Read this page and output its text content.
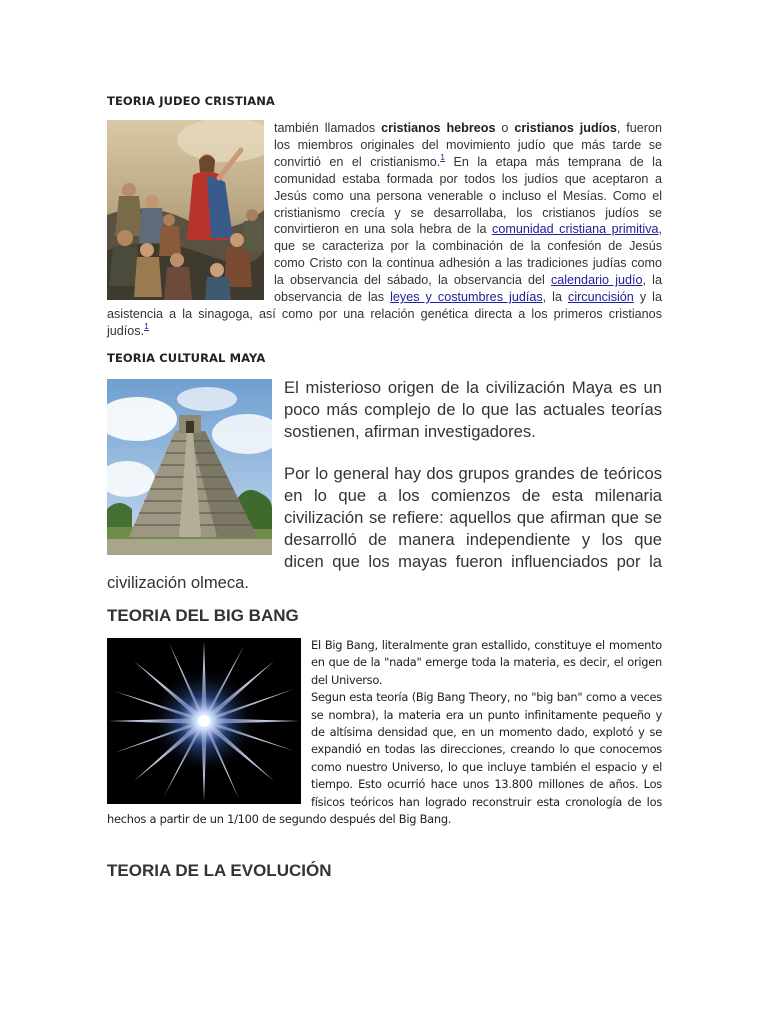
TEORIA JUDEO CRISTIANA
también llamados cristianos hebreos o cristianos judíos, fueron los miembros originales del movimiento judío que más tarde se convirtió en el cristianismo.$^1$ En la etapa más temprana de la comunidad estaba formada por todos los judíos que aceptaron a Jesús como una persona venerable o incluso el Mesías. Como el cristianismo crecía y se desarrollaba, los cristianos judíos se convirtieron en una sola hebra de la comunidad cristiana primitiva, que se caracteriza por la combinación de la confesión de Jesús como Cristo con la continua adhesión a las tradiciones judías como la observancia del sábado, la observancia del calendario judío, la observancia de las leyes y costumbres judías, la circuncisión y la asistencia a la sinagoga, así como por una relación genética directa a los primeros cristianos judíos.$^1$
TEORIA CULTURAL MAYA

El misterioso origen de la civilización Maya es un poco más complejo de lo que las actuales teorías sostienen, afirman investigadores.

Por lo general hay dos grupos grandes de teóricos en lo que a los comienzos de esta milenaria civilización se refiere: aquellos que afirman que se desarrolló de manera independiente y los que dicen que los mayas fueron influenciados por la civilización olmeca.

TEORIA DEL BIG BANG

El Big Bang, literalmente gran estallido, constituye el momento en que de la "nada" emerge toda la materia, es decir, el origen del Universo.

Segun esta teoría (Big Bang Theory, no "big ban" como a veces se nombra), la materia era un punto infinitamente pequeño y de altísima densidad que, en un momento dado, explotó y se expandió en todas las direcciones, creando lo que conocemos como nuestro Universo, lo que incluye también el espacio y el tiempo. Esto ocurrió hace unos 13.800 millones de años. Los físicos teóricos han logrado reconstruir esta cronología de los hechos a partir de un 1/100 de segundo después del Big Bang.

TEORIA DE LA EVOLUCIÓN
